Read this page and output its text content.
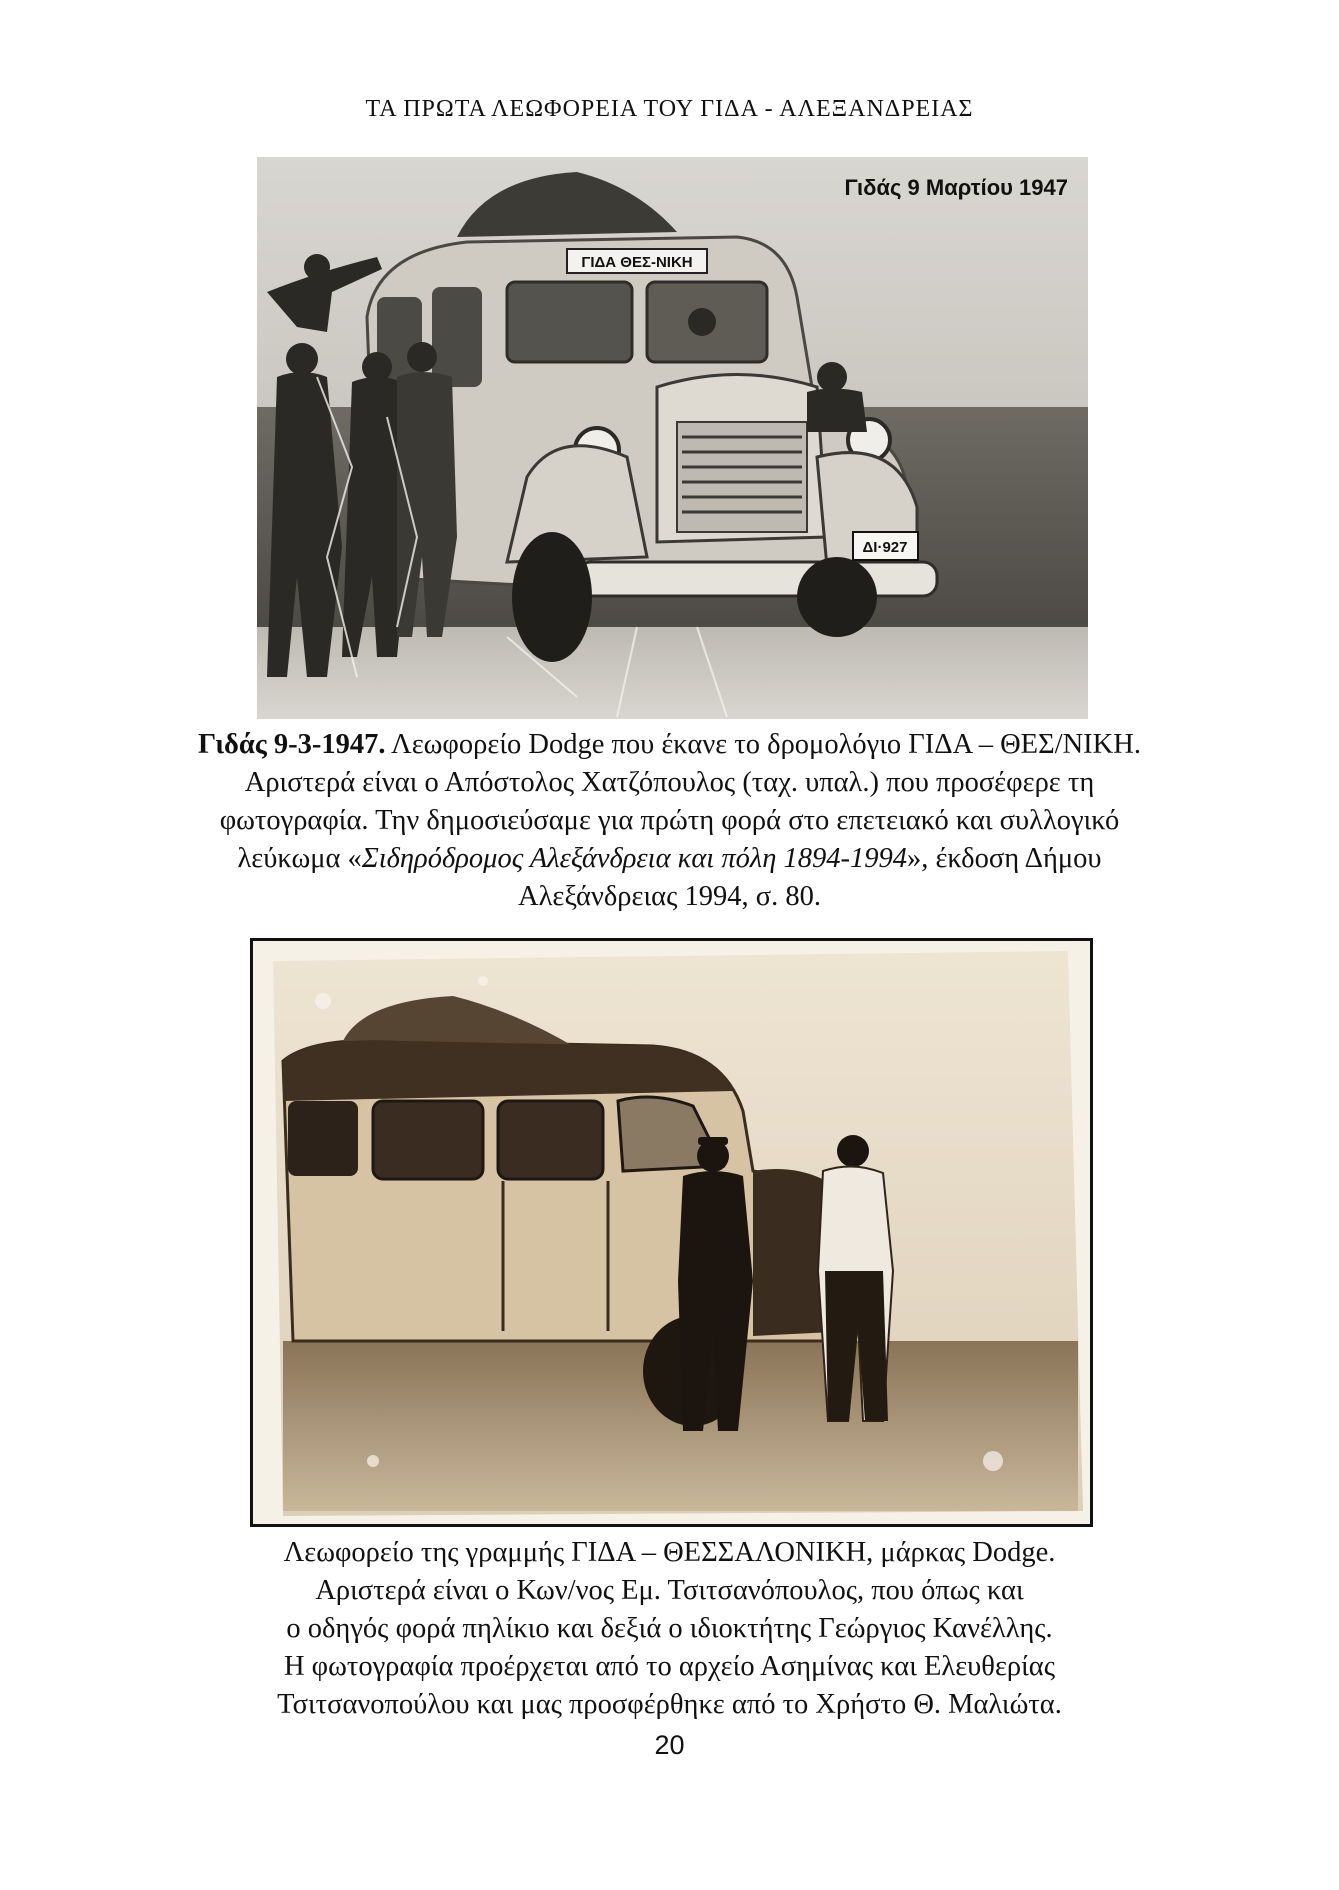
ΤΑ ΠΡΩΤΑ ΛΕΩΦΟΡΕΙΑ ΤΟΥ ΓΙΔΑ - ΑΛΕΞΑΝΔΡΕΙΑΣ
ΓΙΔΑ ΘΕΣ-ΝΙΚΗ
ΔΙ·927
Γιδάς 9 Μαρτίου 1947
Γιδάς 9-3-1947. Λεωφορείο Dodge που έκανε το δρομολόγιο ΓΙΔΑ – ΘΕΣ/ΝΙΚΗ. Αριστερά είναι ο Απόστολος Χατζόπουλος (ταχ. υπαλ.) που προσέφερε τη φωτογραφία. Την δημοσιεύσαμε για πρώτη φορά στο επετειακό και συλλογικό λεύκωμα «Σιδηρόδρομος Αλεξάνδρεια και πόλη 1894-1994», έκδοση Δήμου Αλεξάνδρειας 1994, σ. 80.
Λεωφορείο της γραμμής ΓΙΔΑ – ΘΕΣΣΑΛΟΝΙΚΗ, μάρκας Dodge.
Αριστερά είναι ο Κων/νος Εμ. Τσιτσανόπουλος, που όπως και
ο οδηγός φορά πηλίκιο και δεξιά ο ιδιοκτήτης Γεώργιος Κανέλλης.
Η φωτογραφία προέρχεται από το αρχείο Ασημίνας και Ελευθερίας
Τσιτσανοπούλου και μας προσφέρθηκε από το Χρήστο Θ. Μαλιώτα.
20
